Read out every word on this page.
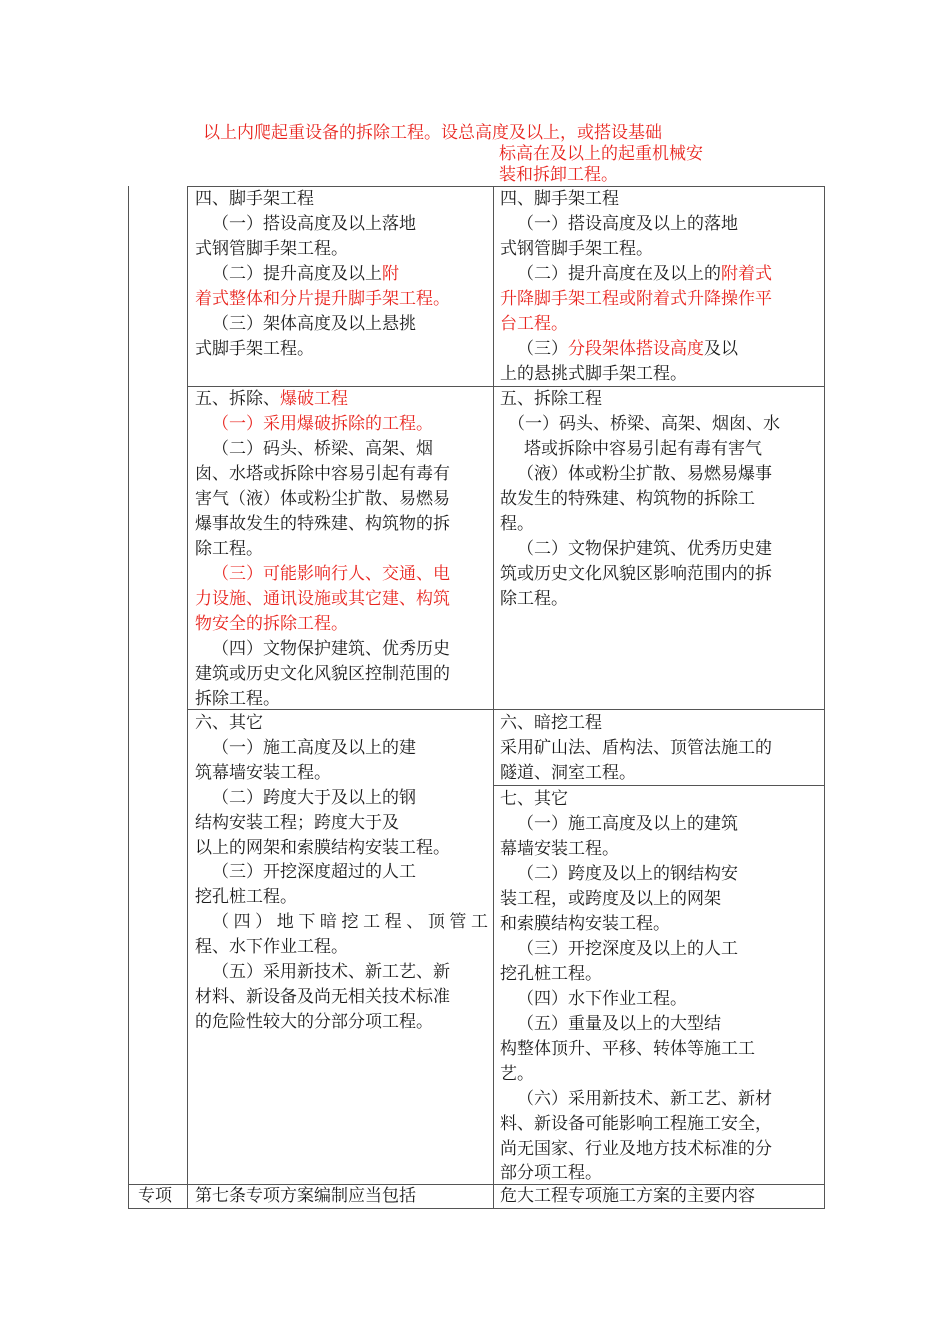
以上内爬起重设备的拆除工程。设总高度及以上，或搭设基础
标高在及以上的起重机械安
装和拆卸工程。
四、脚手架工程
（一）搭设高度及以上落地
式钢管脚手架工程。
（二）提升高度及以上附
着式整体和分片提升脚手架工程。
（三）架体高度及以上悬挑
式脚手架工程。
四、脚手架工程
（一）搭设高度及以上的落地
式钢管脚手架工程。
（二）提升高度在及以上的附着式
升降脚手架工程或附着式升降操作平
台工程。
（三）分段架体搭设高度及以
上的悬挑式脚手架工程。
五、拆除、爆破工程
（一）采用爆破拆除的工程。
（二）码头、桥梁、高架、烟
囱、水塔或拆除中容易引起有毒有
害气（液）体或粉尘扩散、易燃易
爆事故发生的特殊建、构筑物的拆
除工程。
（三）可能影响行人、交通、电
力设施、通讯设施或其它建、构筑
物安全的拆除工程。
（四）文物保护建筑、优秀历史
建筑或历史文化风貌区控制范围的
拆除工程。
五、拆除工程
（一）码头、桥梁、高架、烟囱、水
塔或拆除中容易引起有毒有害气
（液）体或粉尘扩散、易燃易爆事
故发生的特殊建、构筑物的拆除工
程。
（二）文物保护建筑、优秀历史建
筑或历史文化风貌区影响范围内的拆
除工程。
六、其它
（一）施工高度及以上的建
筑幕墙安装工程。
（二）跨度大于及以上的钢
结构安装工程；跨度大于及
以上的网架和索膜结构安装工程。
（三）开挖深度超过的人工
挖孔桩工程。
（四）地下暗挖工程、顶管工
程、水下作业工程。
（五）采用新技术、新工艺、新
材料、新设备及尚无相关技术标准
的危险性较大的分部分项工程。
六、暗挖工程
采用矿山法、盾构法、顶管法施工的
隧道、洞室工程。
七、其它
（一）施工高度及以上的建筑
幕墙安装工程。
（二）跨度及以上的钢结构安
装工程，或跨度及以上的网架
和索膜结构安装工程。
（三）开挖深度及以上的人工
挖孔桩工程。
（四）水下作业工程。
（五）重量及以上的大型结
构整体顶升、平移、转体等施工工
艺。
（六）采用新技术、新工艺、新材
料、新设备可能影响工程施工安全，
尚无国家、行业及地方技术标准的分
部分项工程。
专项 第七条专项方案编制应当包括	危大工程专项施工方案的主要内容
